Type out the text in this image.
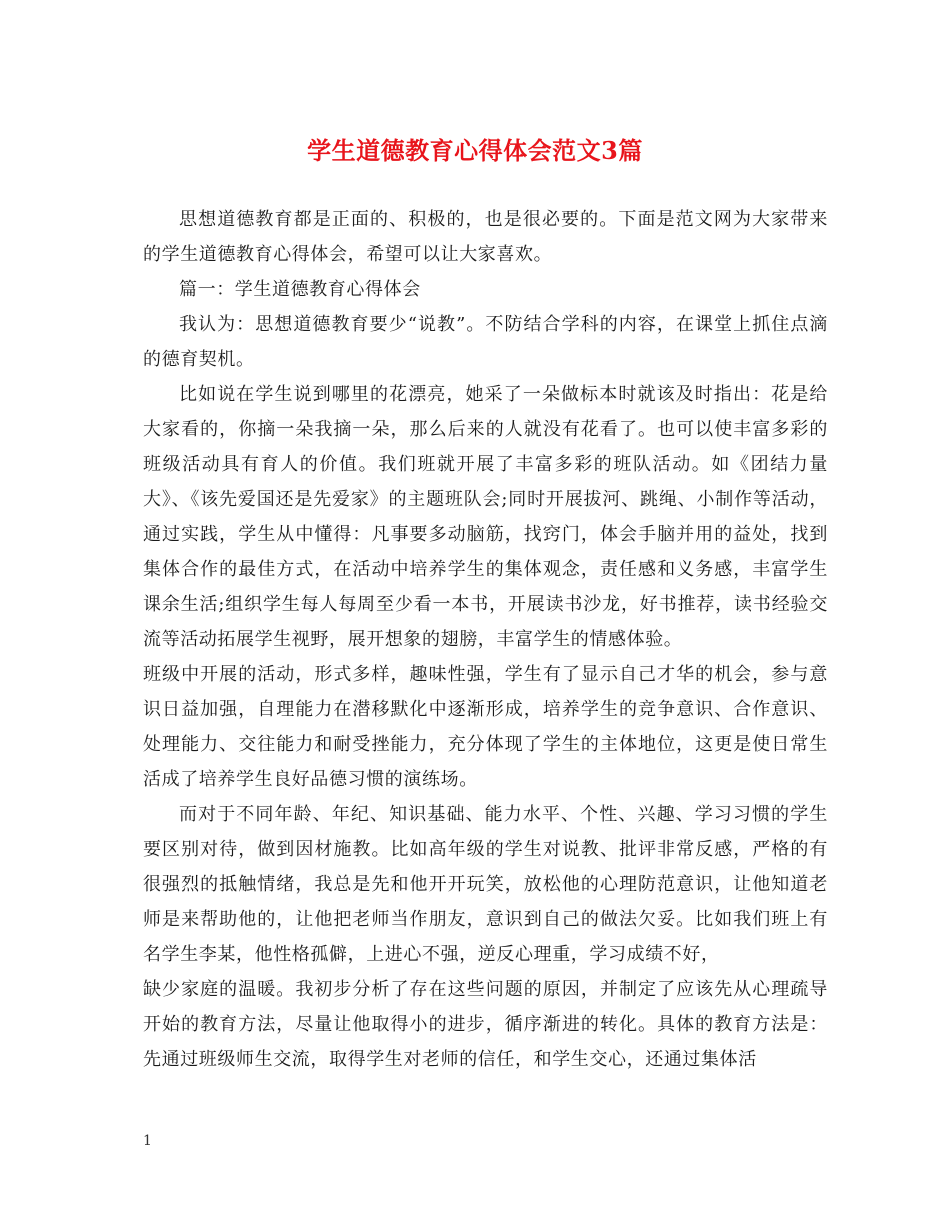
学生道德教育心得体会范文3篇

思想道德教育都是正面的、积极的，也是很必要的。下面是范文网为大家带来的学生道德教育心得体会，希望可以让大家喜欢。

篇一：学生道德教育心得体会

我认为：思想道德教育要少“说教”。不防结合学科的内容，在课堂上抓住点滴的德育契机。

比如说在学生说到哪里的花漂亮，她采了一朵做标本时就该及时指出：花是给大家看的，你摘一朵我摘一朵，那么后来的人就没有花看了。也可以使丰富多彩的班级活动具有育人的价值。我们班就开展了丰富多彩的班队活动。如《团结力量大》、《该先爱国还是先爱家》的主题班队会;同时开展拔河、跳绳、小制作等活动，通过实践，学生从中懂得：凡事要多动脑筋，找窍门，体会手脑并用的益处，找到集体合作的最佳方式，在活动中培养学生的集体观念，责任感和义务感，丰富学生课余生活;组织学生每人每周至少看一本书，开展读书沙龙，好书推荐，读书经验交流等活动拓展学生视野，展开想象的翅膀，丰富学生的情感体验。

班级中开展的活动，形式多样，趣味性强，学生有了显示自己才华的机会，参与意识日益加强，自理能力在潜移默化中逐渐形成，培养学生的竞争意识、合作意识、处理能力、交往能力和耐受挫能力，充分体现了学生的主体地位，这更是使日常生活成了培养学生良好品德习惯的演练场。

而对于不同年龄、年纪、知识基础、能力水平、个性、兴趣、学习习惯的学生要区别对待，做到因材施教。比如高年级的学生对说教、批评非常反感，严格的有很强烈的抵触情绪，我总是先和他开开玩笑，放松他的心理防范意识，让他知道老师是来帮助他的，让他把老师当作朋友，意识到自己的做法欠妥。比如我们班上有名学生李某，他性格孤僻，上进心不强，逆反心理重，学习成绩不好，

缺少家庭的温暖。我初步分析了存在这些问题的原因，并制定了应该先从心理疏导开始的教育方法，尽量让他取得小的进步，循序渐进的转化。具体的教育方法是：先通过班级师生交流，取得学生对老师的信任，和学生交心，还通过集体活

1
